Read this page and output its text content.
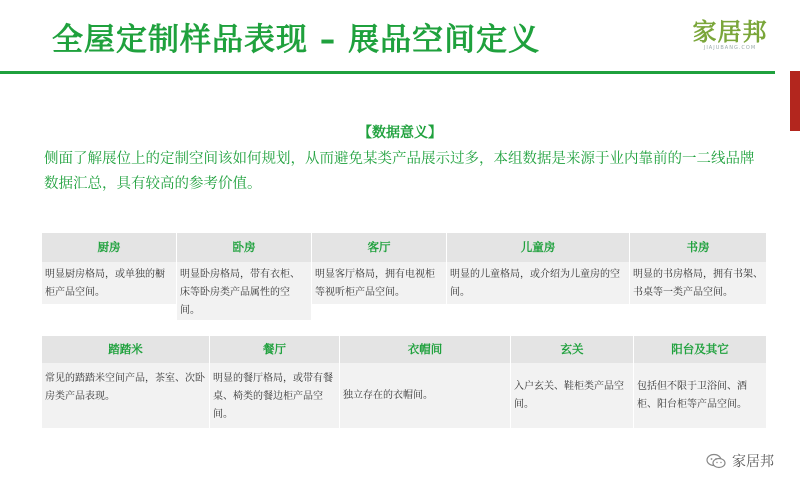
全屋定制样品表现 – 展品空间定义	家居邦
JIAJUBANG.COM
【数据意义】
侧面了解展位上的定制空间该如何规划，从而避免某类产品展示过多，本组数据是来源于业内靠前的一二线品牌数据汇总，具有较高的参考价值。
厨房
明显厨房格局，或单独的橱柜产品空间。
卧房
明显卧房格局，带有衣柜、床等卧房类产品属性的空间。
客厅
明显客厅格局，拥有电视柜等视听柜产品空间。
儿童房
明显的儿童格局，或介绍为儿童房的空间。
书房
明显的书房格局，拥有书架、书桌等一类产品空间。
踏踏米
常见的踏踏米空间产品，茶室、次卧房类产品表现。
餐厅
明显的餐厅格局，或带有餐桌、椅类的餐边柜产品空间。
衣帽间
独立存在的衣帽间。
玄关
入户玄关、鞋柜类产品空间。
阳台及其它
包括但不限于卫浴间、酒柜、阳台柜等产品空间。
家居邦
